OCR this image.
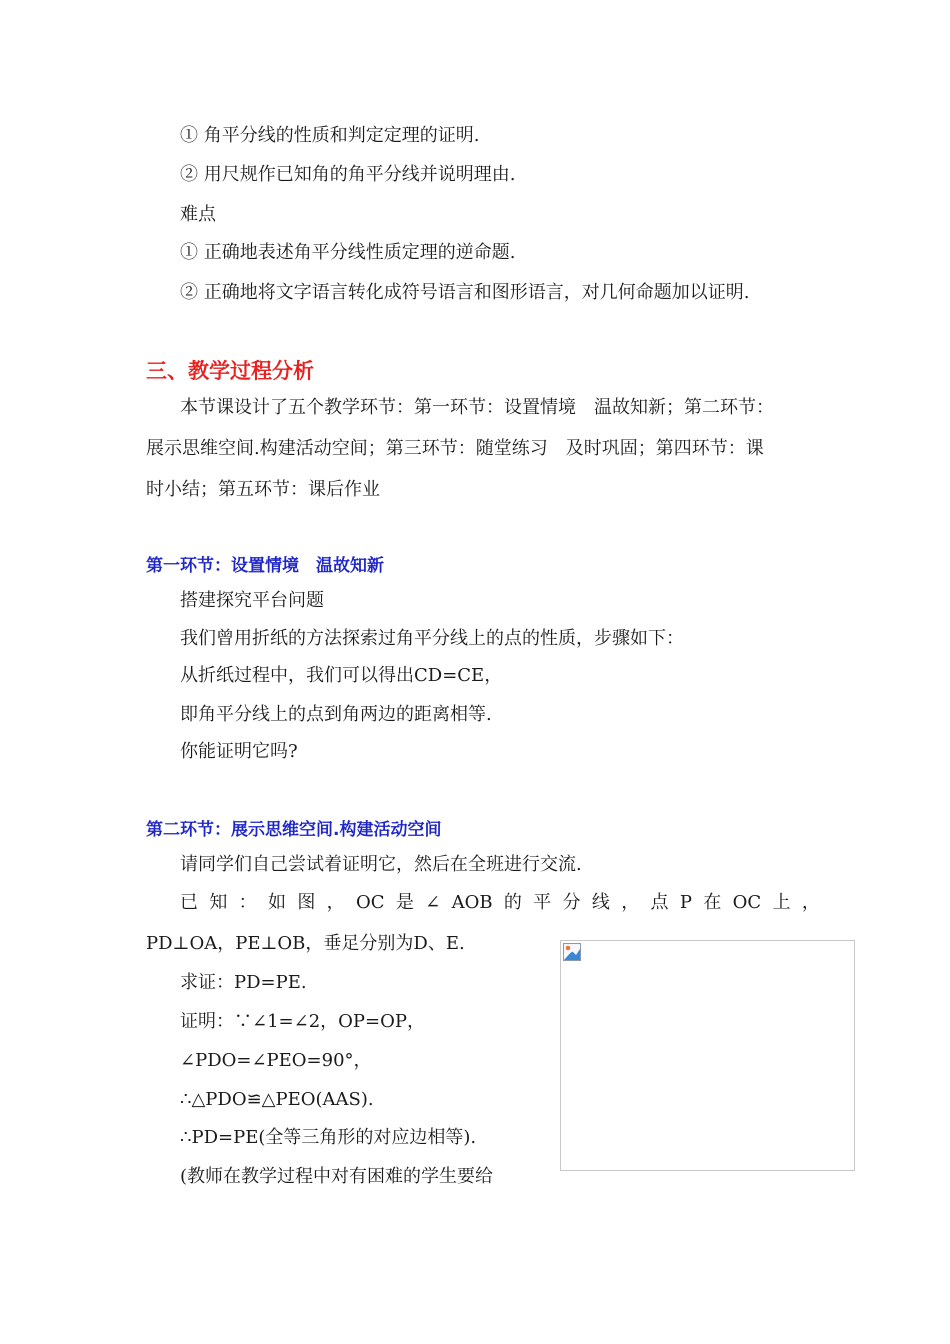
① 角平分线的性质和判定定理的证明.
② 用尺规作已知角的角平分线并说明理由.
难点
① 正确地表述角平分线性质定理的逆命题.
② 正确地将文字语言转化成符号语言和图形语言，对几何命题加以证明.
三、教学过程分析
本节课设计了五个教学环节：第一环节：设置情境　温故知新；第二环节：
展示思维空间.构建活动空间；第三环节：随堂练习　及时巩固；第四环节：课
时小结；第五环节：课后作业
第一环节：设置情境　温故知新
搭建探究平台问题
我们曾用折纸的方法探索过角平分线上的点的性质，步骤如下：
从折纸过程中，我们可以得出CD=CE，
即角平分线上的点到角两边的距离相等.
你能证明它吗?
第二环节：展示思维空间.构建活动空间
请同学们自己尝试着证明它，然后在全班进行交流.
已 知 ： 如 图 ， OC 是 ∠ AOB 的 平 分 线 ， 点 P 在 OC 上 ，
PD⊥OA，PE⊥OB，垂足分别为D、E.
求证：PD=PE.
证明：∵∠1=∠2，OP=OP，
∠PDO=∠PEO=90°，
∴△PDO≌△PEO(AAS).
∴PD=PE(全等三角形的对应边相等).
(教师在教学过程中对有困难的学生要给
